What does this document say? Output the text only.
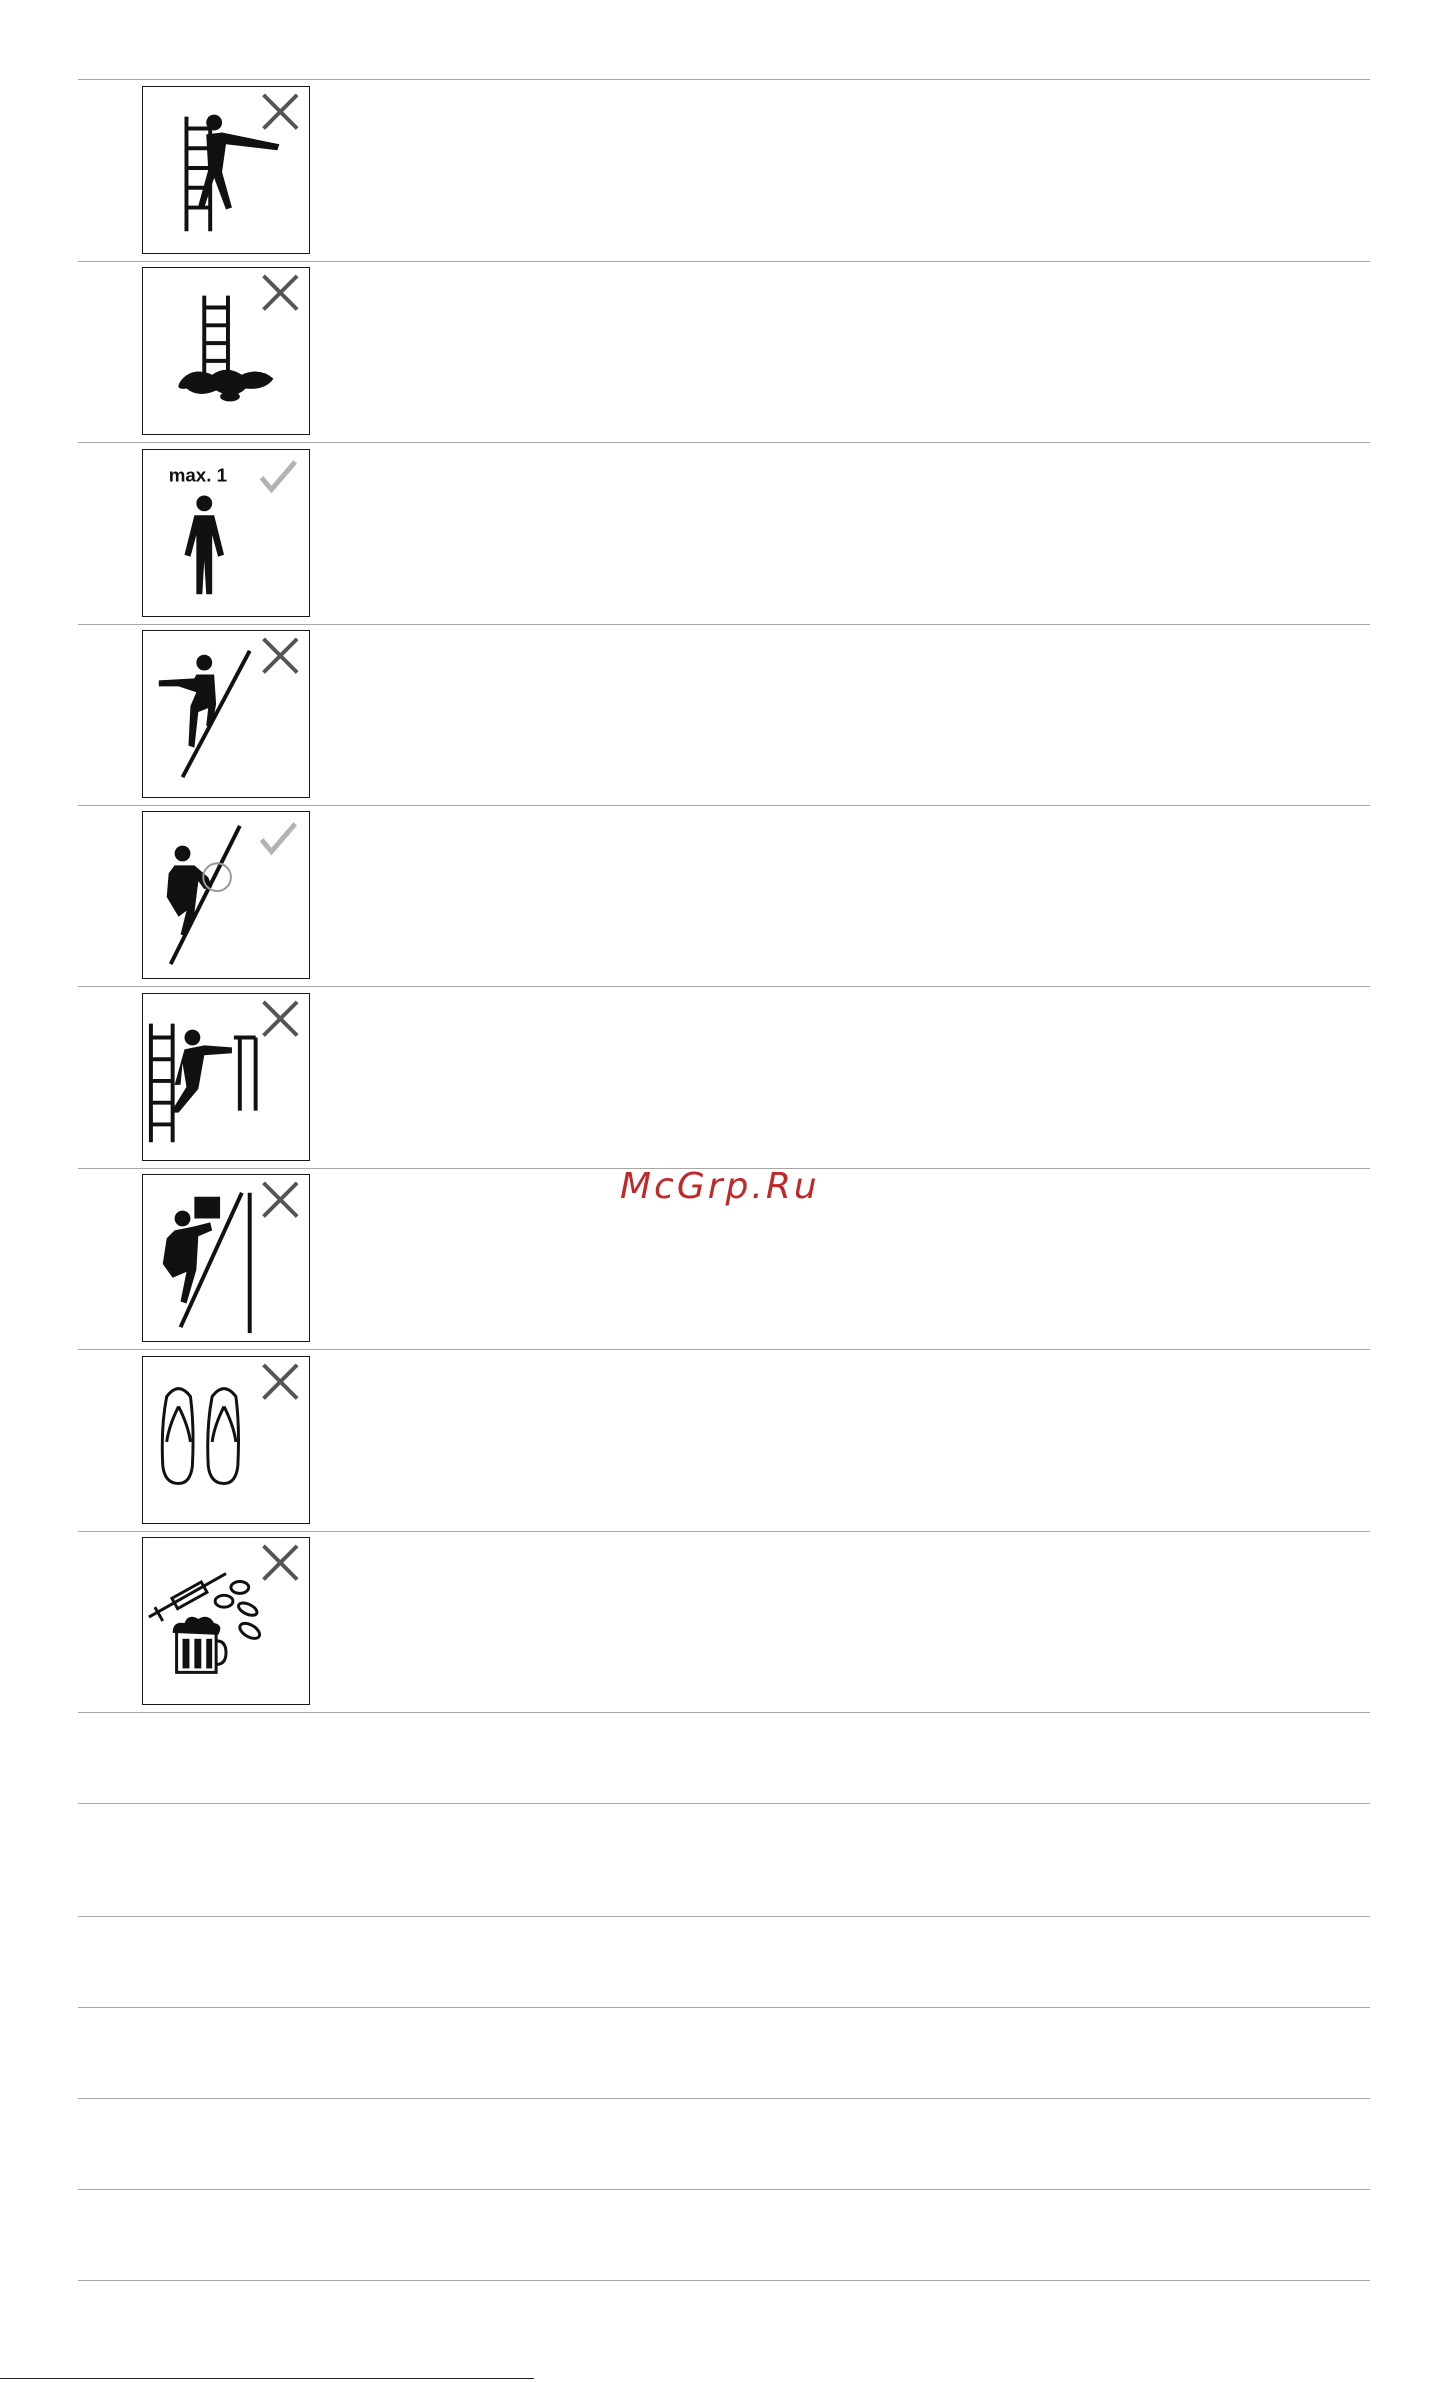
max. 1
McGrp.Ru
